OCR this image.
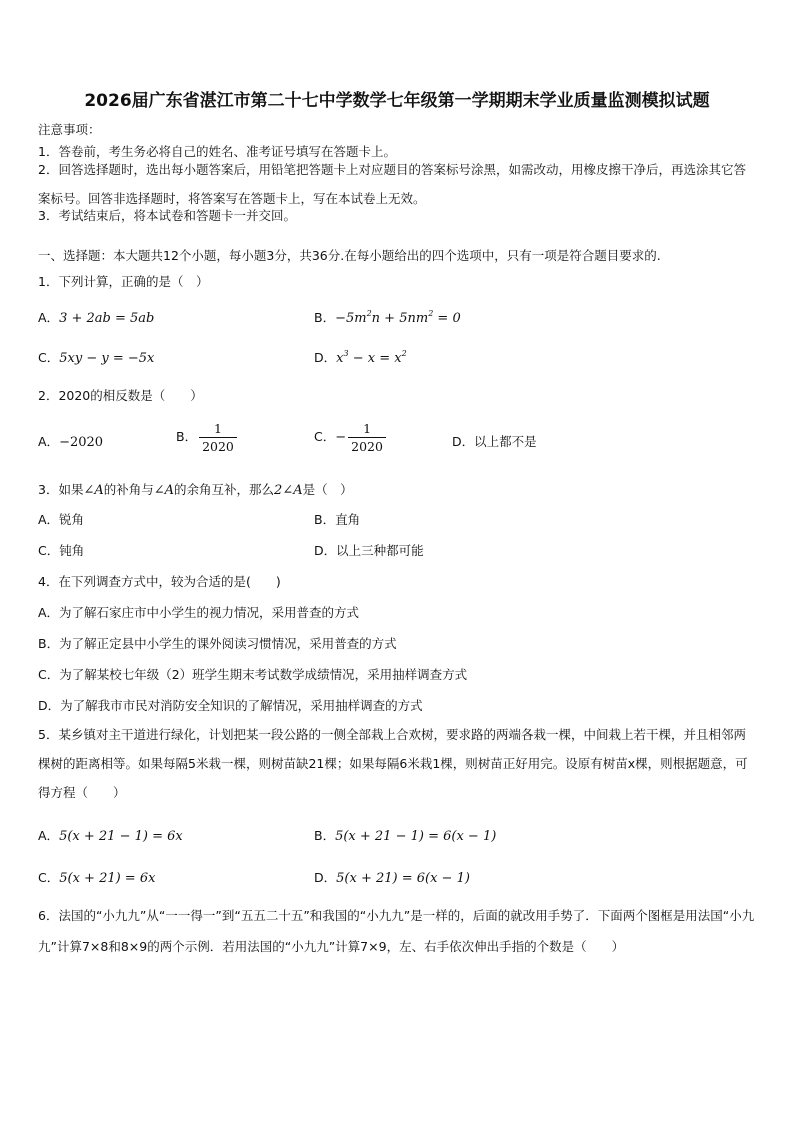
2026届广东省湛江市第二十七中学数学七年级第一学期期末学业质量监测模拟试题
注意事项：
1．答卷前，考生务必将自己的姓名、准考证号填写在答题卡上。
2．回答选择题时，选出每小题答案后，用铅笔把答题卡上对应题目的答案标号涂黑，如需改动，用橡皮擦干净后，再选涂其它答案标号。回答非选择题时，将答案写在答题卡上，写在本试卷上无效。
3．考试结束后，将本试卷和答题卡一并交回。
一、选择题：本大题共12个小题，每小题3分，共36分.在每小题给出的四个选项中，只有一项是符合题目要求的.
1．下列计算，正确的是（　）
A．3 + 2ab = 5ab	B．$-5m^2n + 5nm^2 = 0$
C．5xy − y = −5x	D．$x^3 - x = x^2$
2．2020的相反数是（　　）
A．−2020	B． $\frac{1}{2020}$	C．− $\frac{1}{2020}$	D．以上都不是
3．如果∠A的补角与∠A的余角互补，那么2∠A是（　）
A．锐角	B．直角
C．钝角	D．以上三种都可能
4．在下列调查方式中，较为合适的是(　　)
A．为了解石家庄市中小学生的视力情况，采用普查的方式
B．为了解正定县中小学生的课外阅读习惯情况，采用普查的方式
C．为了解某校七年级（2）班学生期末考试数学成绩情况，采用抽样调查方式
D．为了解我市市民对消防安全知识的了解情况，采用抽样调查的方式
5．某乡镇对主干道进行绿化，计划把某一段公路的一侧全部栽上合欢树，要求路的两端各栽一棵，中间栽上若干棵，并且相邻两棵树的距离相等。如果每隔5米栽一棵，则树苗缺21棵；如果每隔6米栽1棵，则树苗正好用完。设原有树苗x棵，则根据题意，可得方程（　　）
A．5(x + 21 − 1) = 6x	B．5(x + 21 − 1) = 6(x − 1)
C．5(x + 21) = 6x	D．5(x + 21) = 6(x − 1)
6．法国的“小九九”从“一一得一”到“五五二十五”和我国的“小九九”是一样的，后面的就改用手势了．下面两个图框是用法国“小九九”计算7×8和8×9的两个示例．若用法国的“小九九”计算7×9，左、右手依次伸出手指的个数是（　　）
